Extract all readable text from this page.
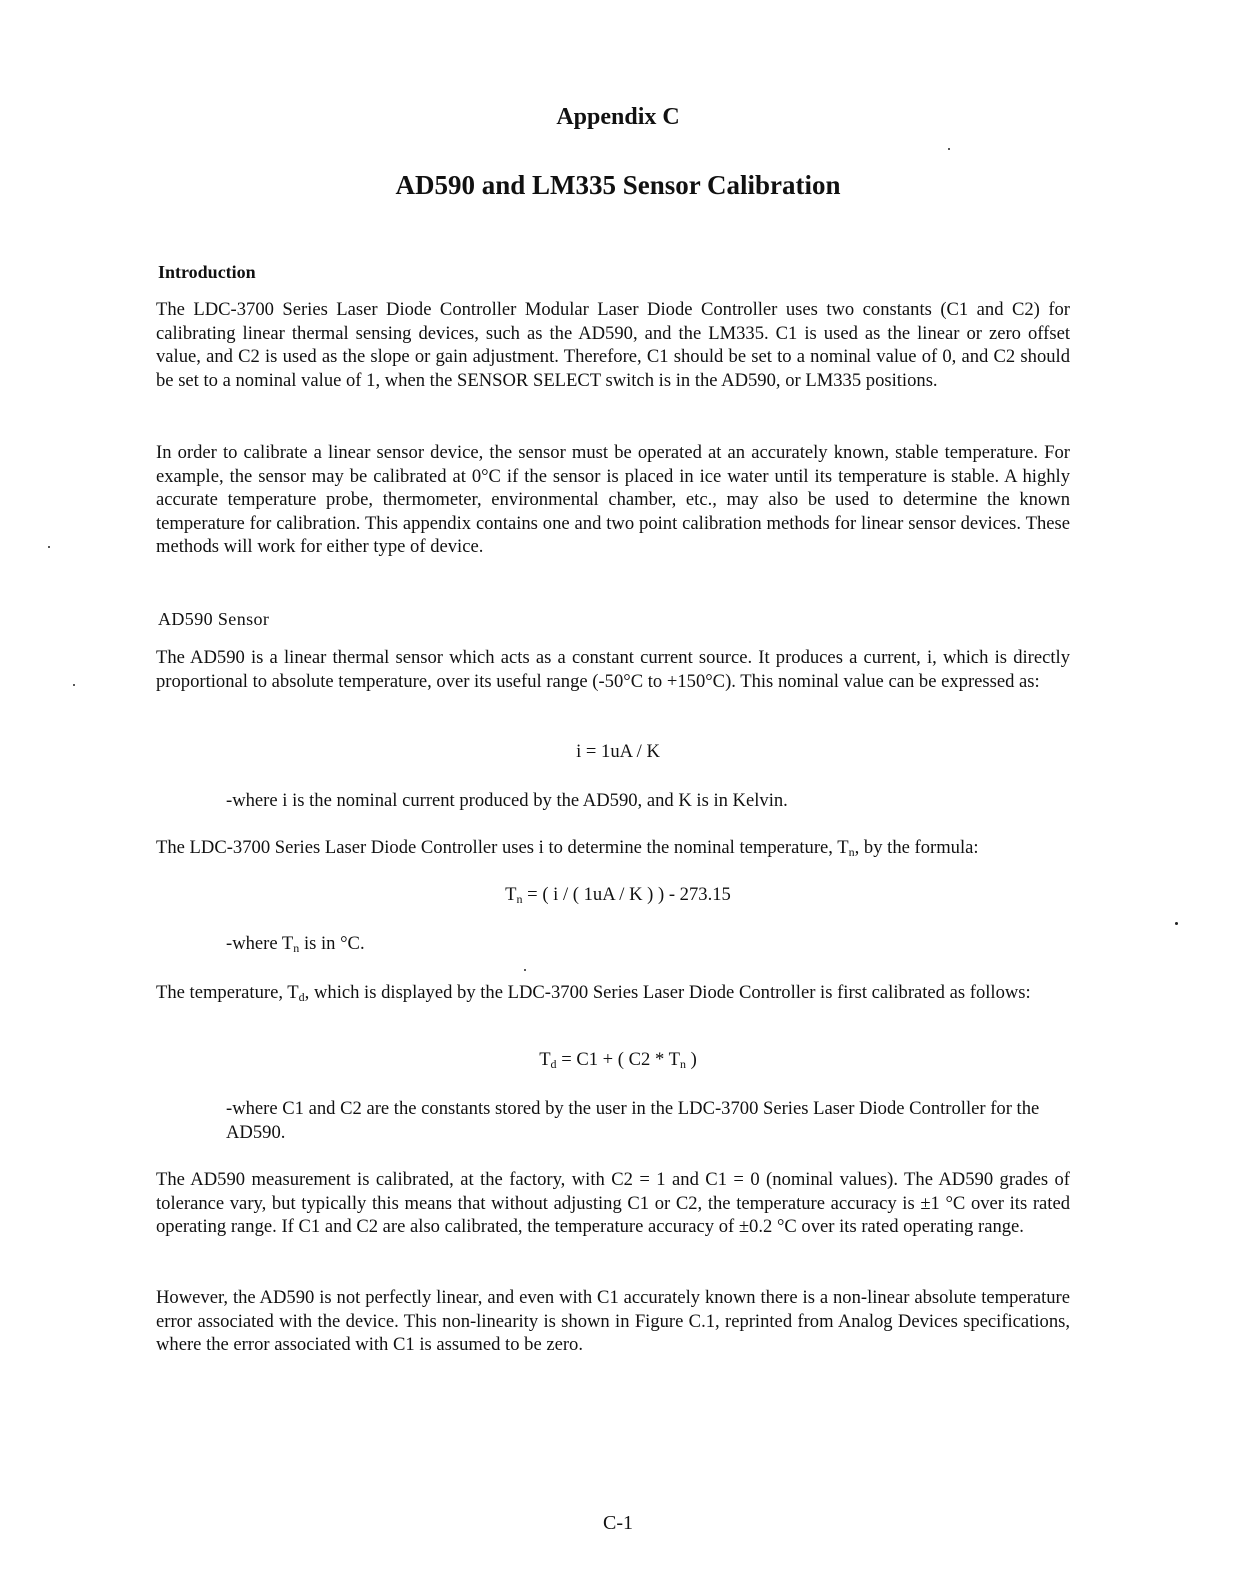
Appendix C
AD590 and LM335 Sensor Calibration
Introduction
The LDC-3700 Series Laser Diode Controller Modular Laser Diode Controller uses two constants (C1 and C2) for calibrating linear thermal sensing devices, such as the AD590, and the LM335. C1 is used as the linear or zero offset value, and C2 is used as the slope or gain adjustment. Therefore, C1 should be set to a nominal value of 0, and C2 should be set to a nominal value of 1, when the SENSOR SELECT switch is in the AD590, or LM335 positions.
In order to calibrate a linear sensor device, the sensor must be operated at an accurately known, stable temperature. For example, the sensor may be calibrated at 0°C if the sensor is placed in ice water until its temperature is stable. A highly accurate temperature probe, thermometer, environmental chamber, etc., may also be used to determine the known temperature for calibration. This appendix contains one and two point calibration methods for linear sensor devices. These methods will work for either type of device.
AD590 Sensor
The AD590 is a linear thermal sensor which acts as a constant current source. It produces a current, i, which is directly proportional to absolute temperature, over its useful range (-50°C to +150°C). This nominal value can be expressed as:
i = 1uA / K
-where i is the nominal current produced by the AD590, and K is in Kelvin.
The LDC-3700 Series Laser Diode Controller uses i to determine the nominal temperature, $T_n$, by the formula:
$T_n$ = ( i / ( 1uA / K ) ) - 273.15
-where $T_n$ is in °C.
The temperature, $T_d$, which is displayed by the LDC-3700 Series Laser Diode Controller is first calibrated as follows:
$T_d = C1$ + ( $C2 * T_n$ )
-where C1 and C2 are the constants stored by the user in the LDC-3700 Series Laser Diode Controller for the AD590.
The AD590 measurement is calibrated, at the factory, with C2 = 1 and C1 = 0 (nominal values). The AD590 grades of tolerance vary, but typically this means that without adjusting C1 or C2, the temperature accuracy is ±1 °C over its rated operating range. If C1 and C2 are also calibrated, the temperature accuracy of ±0.2 °C over its rated operating range.
However, the AD590 is not perfectly linear, and even with C1 accurately known there is a non-linear absolute temperature error associated with the device. This non-linearity is shown in Figure C.1, reprinted from Analog Devices specifications, where the error associated with C1 is assumed to be zero.
C-1
